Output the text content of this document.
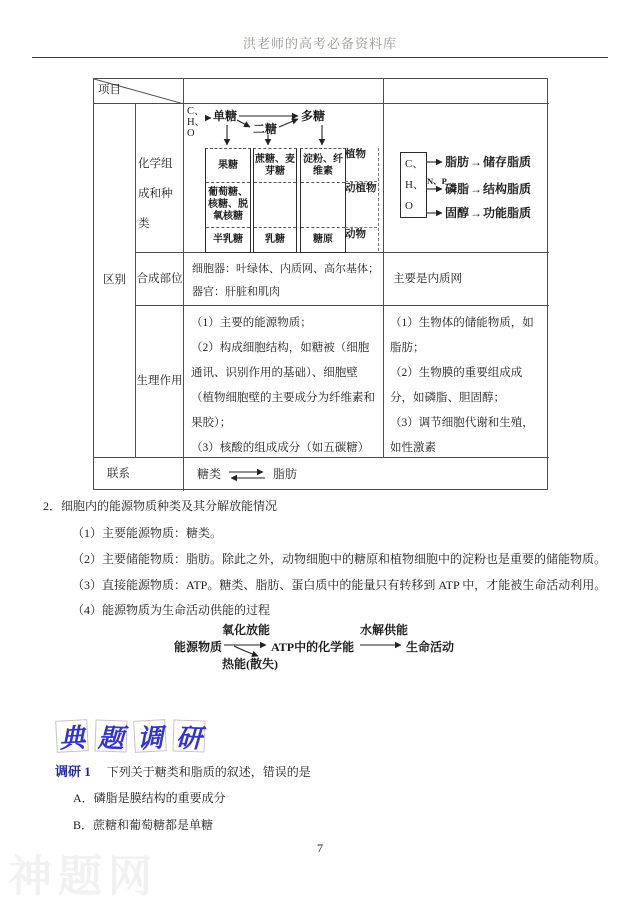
洪老师的高考必备资料库
项目
区别
化学组成和种类
合成部位
生理作用
C、
H、
O
单糖
二糖
多糖
果糖
葡萄糖、核糖、脱氧核糖
半乳糖
蔗糖、麦芽糖
乳糖
淀粉、纤维素
糖原
植物
动植物
动物
C、
H、
O
N、P
脂肪→储存脂质
磷脂→结构脂质
固醇→功能脂质
细胞器：叶绿体、内质网、高尔基体；器官：肝脏和肌肉
主要是内质网

（1）主要的能源物质；

（2）构成细胞结构，如糖被（细胞通讯、识别作用的基础）、细胞壁（植物细胞壁的主要成分为纤维素和果胶）；

（3）核酸的组成成分（如五碳糖）

（1）生物体的储能物质，如脂肪；

（2）生物膜的重要组成成分，如磷脂、胆固醇；

（3）调节细胞代谢和生殖，如性激素

联系	糖类 ⇌ 脂肪
2．细胞内的能源物质种类及其分解放能情况
（1）主要能源物质：糖类。
（2）主要储能物质：脂肪。除此之外，动物细胞中的糖原和植物细胞中的淀粉也是重要的储能物质。
（3）直接能源物质：ATP。糖类、脂肪、蛋白质中的能量只有转移到 ATP 中，才能被生命活动利用。
（4）能源物质为生命活动供能的过程
氧化放能
能源物质	ATP中的化学能
水解供能
生命活动
热能(散失)
典 题 调 研
调研 1 下列关于糖类和脂质的叙述，错误的是
A．磷脂是膜结构的重要成分
B．蔗糖和葡萄糖都是单糖
7
神题网
